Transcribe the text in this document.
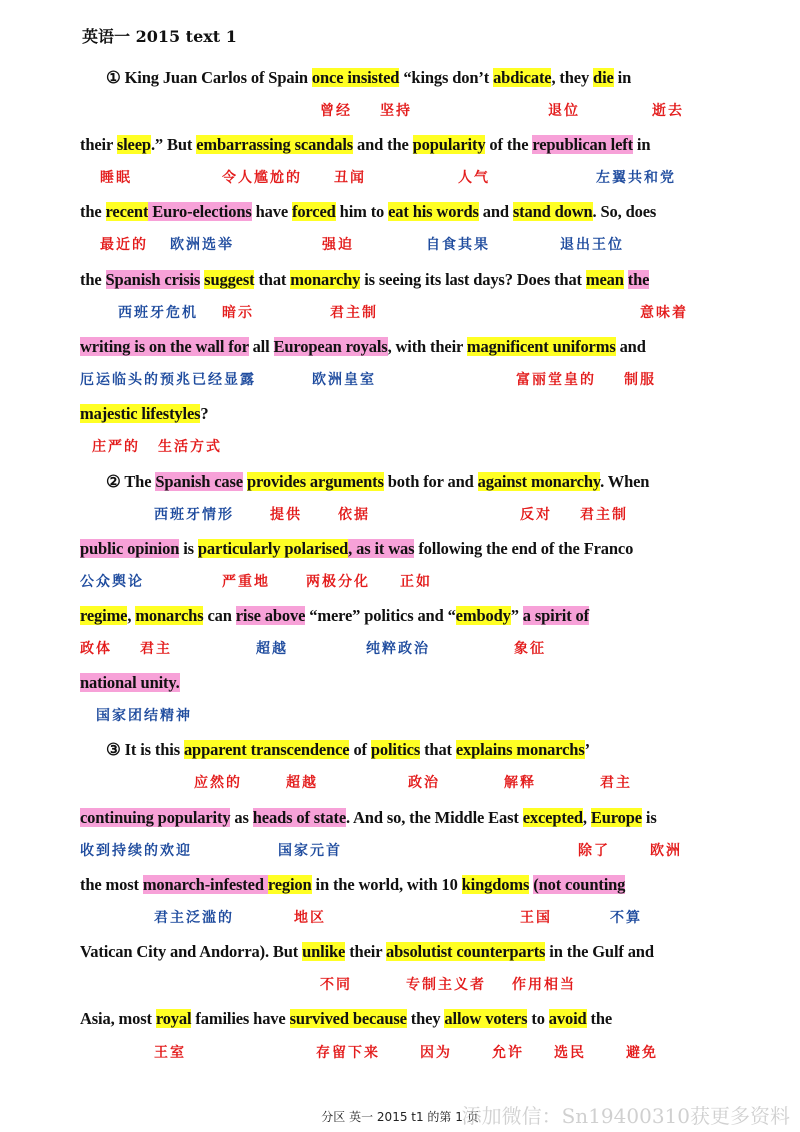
英语一 2015 text 1
① King Juan Carlos of Spain once insisted “kings don’t abdicate, they die in
曾经 坚持	退位	逝去
their sleep.” But embarrassing scandals and the popularity of the republican left in
睡眠	令人尴尬的 丑闻	人气	左翼共和党
the recent Euro-elections have forced him to eat his words and stand down. So, does
最近的 欧洲选举	强迫	自食其果	退出王位
the Spanish crisis suggest that monarchy is seeing its last days? Does that mean the
西班牙危机 暗示	君主制	意味着
writing is on the wall for all European royals, with their magnificent uniforms and
厄运临头的预兆已经显露	欧洲皇室	富丽堂皇的 制服
majestic lifestyles?
庄严的 生活方式
② The Spanish case provides arguments both for and against monarchy. When
西班牙情形	提供	依据	反对 君主制
public opinion is particularly polarised, as it was following the end of the Franco
公众舆论	严重地	两极分化 正如
regime, monarchs can rise above “mere” politics and “embody” a spirit of
政体 君主	超越	纯粹政治	象征
national unity.
国家团结精神
③ It is this apparent transcendence of politics that explains monarchs’
应然的	超越	政治	解释	君主
continuing popularity as heads of state. And so, the Middle East excepted, Europe is
收到持续的欢迎	国家元首	除了	欧洲
the most monarch-infested region in the world, with 10 kingdoms (not counting
君主泛滥的	地区	王国	不算
Vatican City and Andorra). But unlike their absolutist counterparts in the Gulf and
不同	专制主义者 作用相当
Asia, most royal families have survived because they allow voters to avoid the
王室	存留下来	因为	允许 选民	避免
分区 英一 2015 t1 的第 1 页
添加微信：Sn19400310获更多资料
